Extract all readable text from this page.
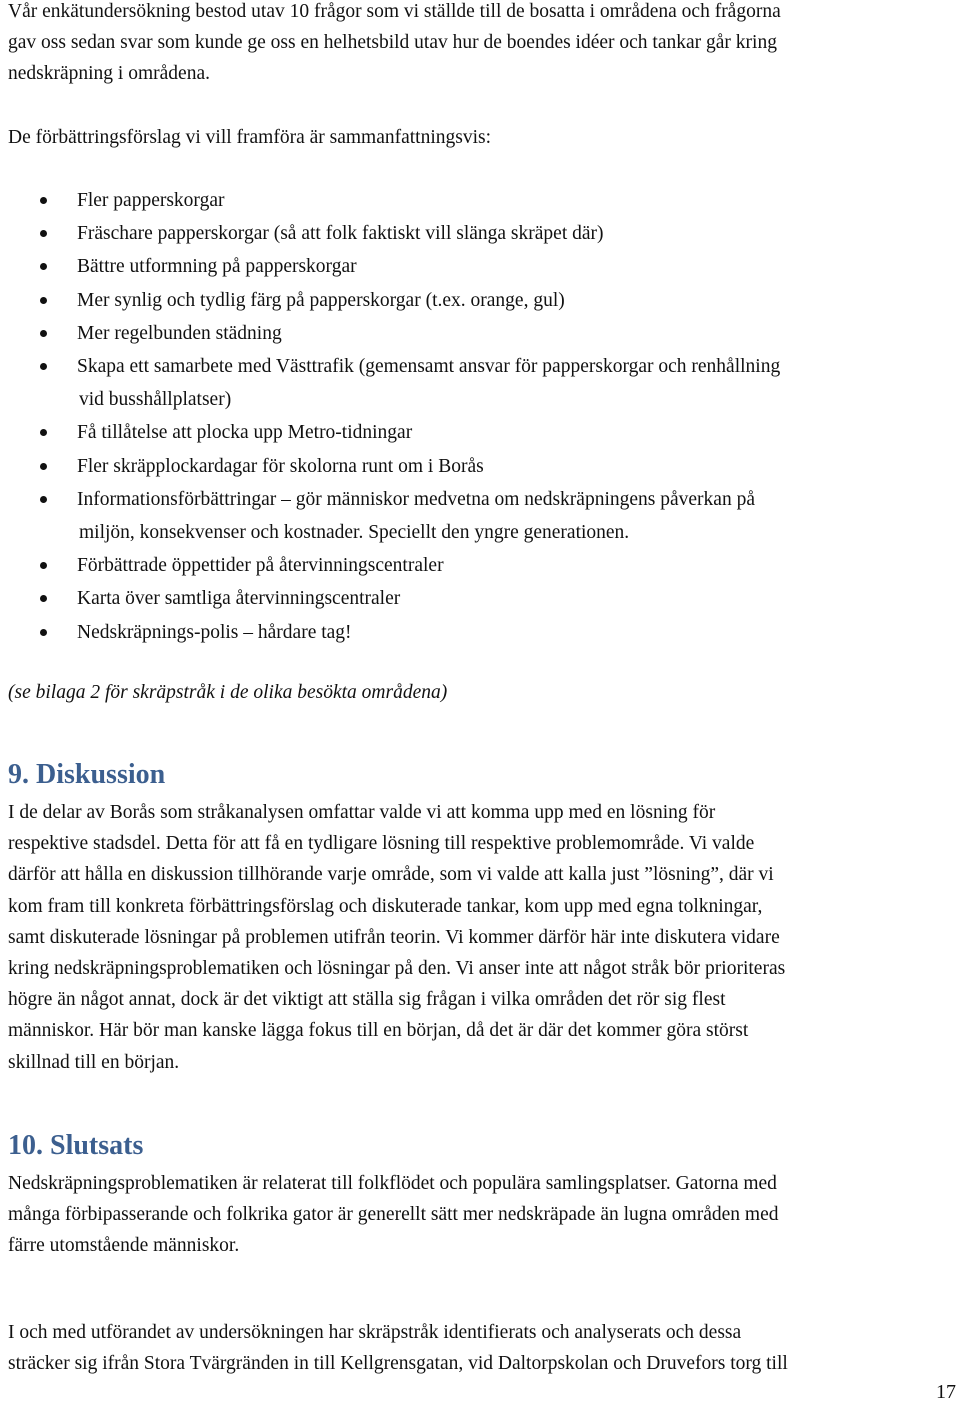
Vår enkätundersökning bestod utav 10 frågor som vi ställde till de bosatta i områdena och frågorna
gav oss sedan svar som kunde ge oss en helhetsbild utav hur de boendes idéer och tankar går kring
nedskräpning i områdena.

De förbättringsförslag vi vill framföra är sammanfattningsvis:

Fler papperskorgar
Fräschare papperskorgar (så att folk faktiskt vill slänga skräpet där)
Bättre utformning på papperskorgar
Mer synlig och tydlig färg på papperskorgar (t.ex. orange, gul)
Mer regelbunden städning
Skapa ett samarbete med Västtrafik (gemensamt ansvar för papperskorgar och renhållning
vid busshållplatser)
Få tillåtelse att plocka upp Metro-tidningar
Fler skräpplockardagar för skolorna runt om i Borås
Informationsförbättringar – gör människor medvetna om nedskräpningens påverkan på
miljön, konsekvenser och kostnader. Speciellt den yngre generationen.
Förbättrade öppettider på återvinningscentraler
Karta över samtliga återvinningscentraler
Nedskräpnings-polis – hårdare tag!

(se bilaga 2 för skräpstråk i de olika besökta områdena)

9. Diskussion

I de delar av Borås som stråkanalysen omfattar valde vi att komma upp med en lösning för
respektive stadsdel. Detta för att få en tydligare lösning till respektive problemområde. Vi valde
därför att hålla en diskussion tillhörande varje område, som vi valde att kalla just ”lösning”, där vi
kom fram till konkreta förbättringsförslag och diskuterade tankar, kom upp med egna tolkningar,
samt diskuterade lösningar på problemen utifrån teorin. Vi kommer därför här inte diskutera vidare
kring nedskräpningsproblematiken och lösningar på den. Vi anser inte att något stråk bör prioriteras
högre än något annat, dock är det viktigt att ställa sig frågan i vilka områden det rör sig flest
människor. Här bör man kanske lägga fokus till en början, då det är där det kommer göra störst
skillnad till en början.

10. Slutsats

Nedskräpningsproblematiken är relaterat till folkflödet och populära samlingsplatser. Gatorna med
många förbipasserande och folkrika gator är generellt sätt mer nedskräpade än lugna områden med
färre utomstående människor.

I och med utförandet av undersökningen har skräpstråk identifierats och analyserats och dessa
sträcker sig ifrån Stora Tvärgränden in till Kellgrensgatan, vid Daltorpskolan och Druvefors torg till

17
